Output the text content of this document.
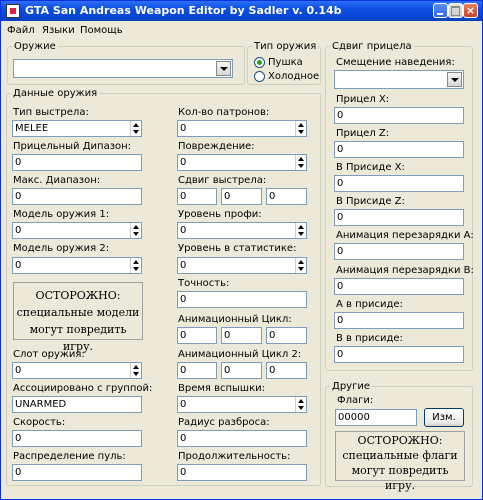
GTA San Andreas Weapon Editor by Sadler v. 0.14b	×
Файл Языки Помощь
Оружие	Тип оружия
Пушка
Холодное
Данные оружия
Тип выстрела:
MELEE
Прицельный Дипазон:
0
Макс. Диапазон:
0
Модель оружия 1:
0
Модель оружия 2:
0
ОСТОРОЖНО:
специальные модели
могут повредить игру.
Слот оружия:
0
Ассоциировано с группой:
UNARMED
Скорость:
0
Распределение пуль:
0
Кол-во патронов:
0
Повреждение:
0
Сдвиг выстрела:
0	0	0
Уровень профи:
0
Уровень в статистике:
0
Точность:
0
Анимационный Цикл:
0	0	0
Анимационный Цикл 2:
0	0	0
Время вспышки:
0
Радиус разброса:
0
Продолжительность:
0
Сдвиг прицела
Смещение наведения:
Прицел X:
0
Прицел Z:
0
В Присиде X:
0
В Присиде Z:
0
Анимация перезарядки A:
0
Анимация перезарядки B:
0
А в присиде:
0
В в присиде:
0
Другие
Флаги:
00000	Изм.
ОСТОРОЖНО:
специальные флаги
могут повредить игру.
